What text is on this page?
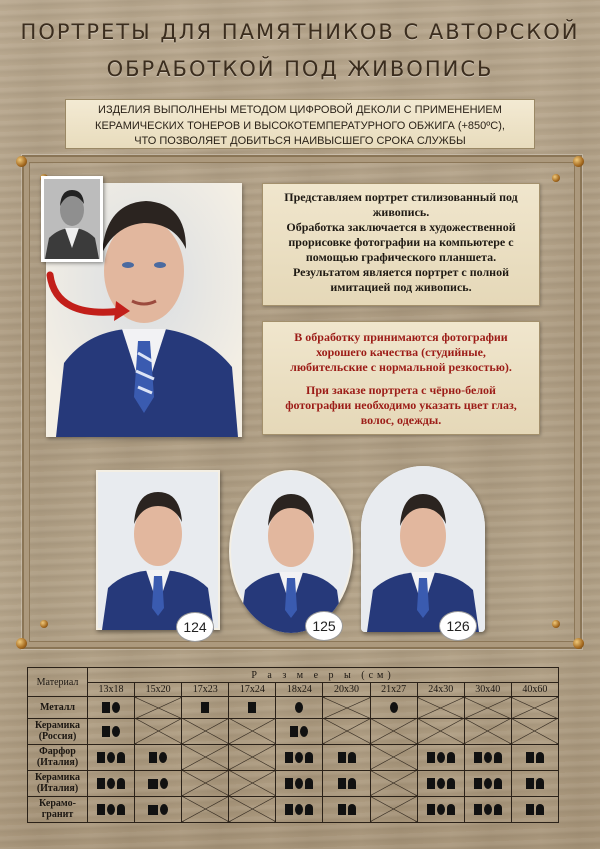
ПОРТРЕТЫ ДЛЯ ПАМЯТНИКОВ С АВТОРСКОЙ
ОБРАБОТКОЙ ПОД ЖИВОПИСЬ
ИЗДЕЛИЯ ВЫПОЛНЕНЫ МЕТОДОМ ЦИФРОВОЙ ДЕКОЛИ С ПРИМЕНЕНИЕМ
КЕРАМИЧЕСКИХ ТОНЕРОВ И ВЫСОКОТЕМПЕРАТУРНОГО ОБЖИГА (+850ºС),
ЧТО ПОЗВОЛЯЕТ ДОБИТЬСЯ НАИВЫСШЕГО СРОКА СЛУЖБЫ
Представляем портрет стилизованный под
живопись.
Обработка заключается в художественной
прорисовке фотографии на компьютере с
помощью графического планшета.
Результатом является портрет с полной
имитацией под живопись.

В обработку принимаются фотографии
хорошего качества (студийные,
любительские с нормальной резкостью).

При заказе портрета с чёрно-белой
фотографии необходимо указать цвет глаз,
волос, одежды.

124	125	126
Материал	Р а з м е р ы (см)									
	13x18	15x20	17x23	17x24	18x24	20x30	21x27	24x30	30x40	40x60
Металл										
Керамика (Россия)										
Фарфор (Италия)										
Керамика (Италия)										
Керамо-гранит										
